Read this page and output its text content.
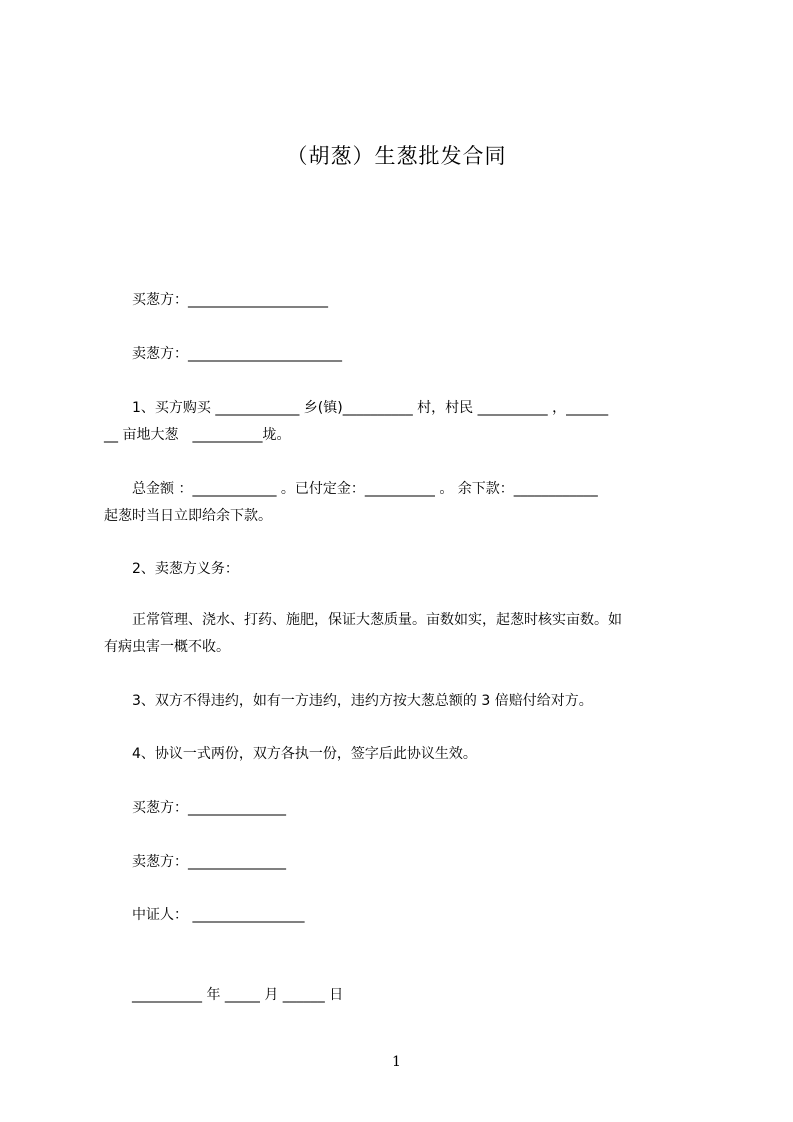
（胡葱）生葱批发合同
　　买葱方：____________________
　　卖葱方：______________________
　　1、买方购买 ____________ 乡(镇)__________ 村，村民 __________ ，______
__ 亩地大葱　__________垅。
　　总金额 ：____________ 。已付定金：__________ 。 余下款：____________
起葱时当日立即给余下款。
　　2、卖葱方义务：
　　正常管理、浇水、打药、施肥，保证大葱质量。亩数如实，起葱时核实亩数。如
有病虫害一概不收。
　　3、双方不得违约，如有一方违约，违约方按大葱总额的 3 倍赔付给对方。
　　4、协议一式两份，双方各执一份，签字后此协议生效。
　　买葱方：______________
　　卖葱方：______________
　　中证人： ________________
　　__________ 年 _____ 月 ______ 日
1
